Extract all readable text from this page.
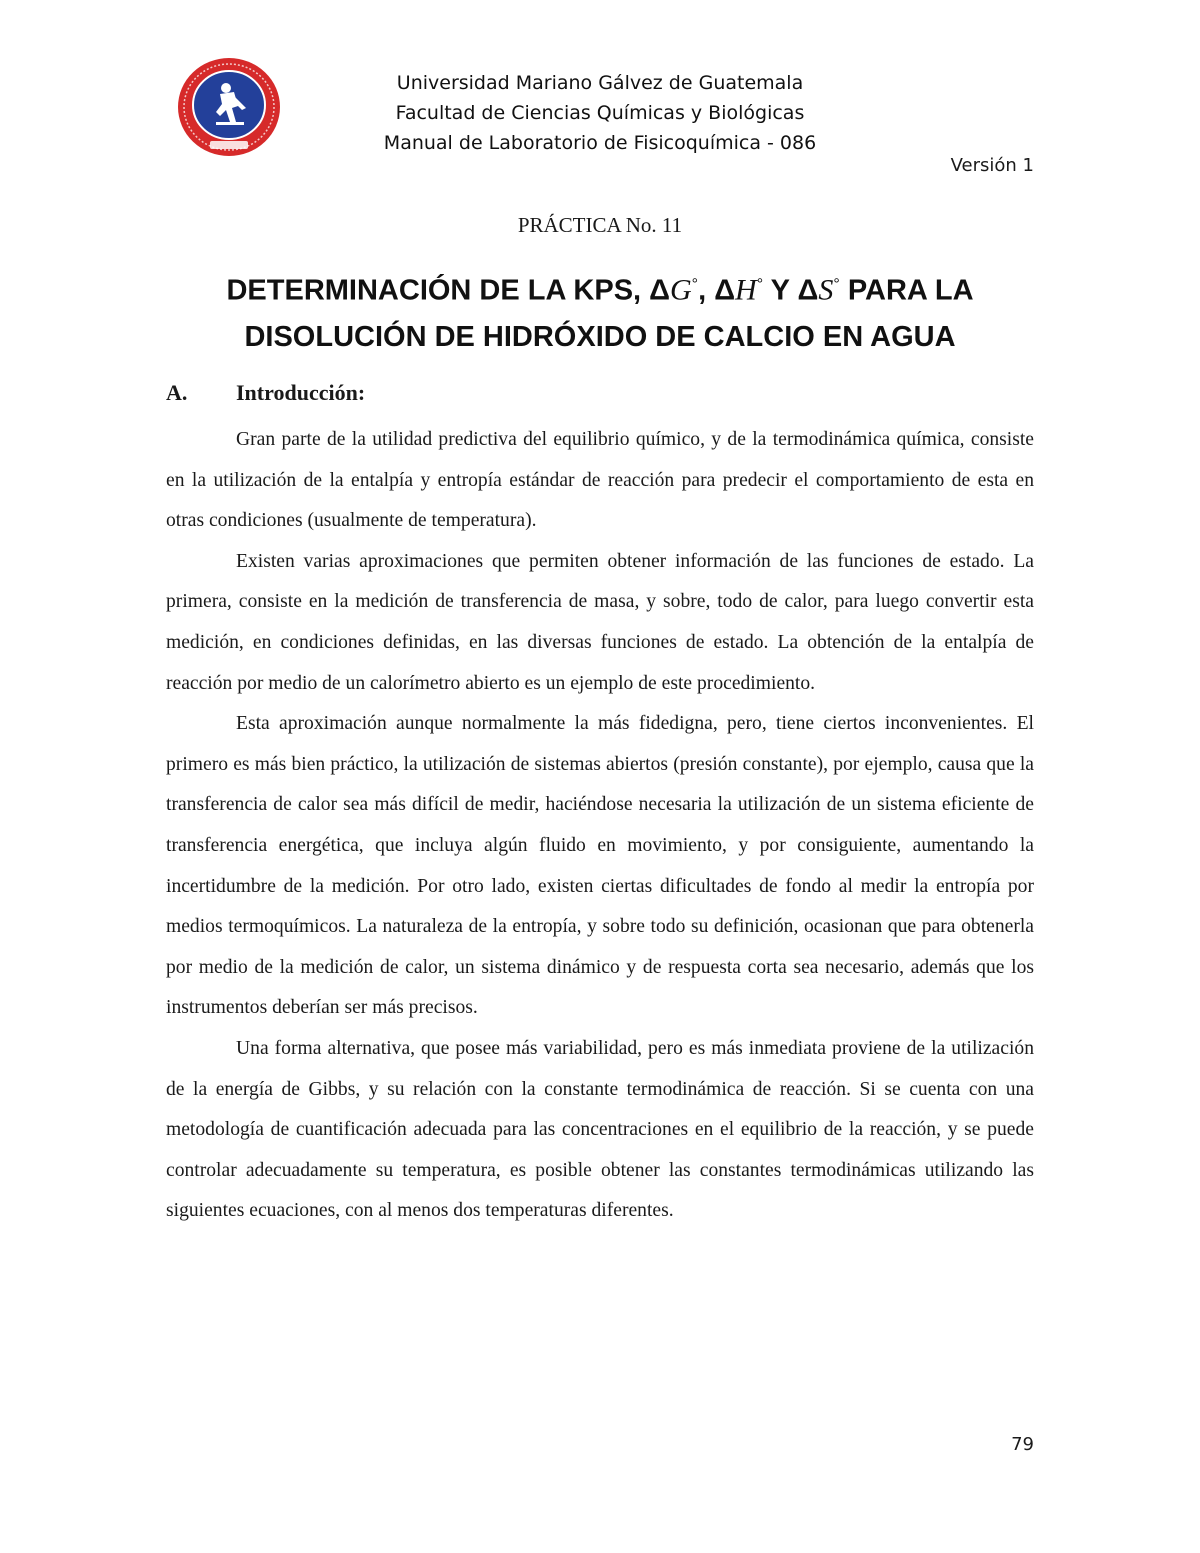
Universidad Mariano Gálvez de Guatemala
Facultad de Ciencias Químicas y Biológicas
Manual de Laboratorio de Fisicoquímica - 086
Versión 1
PRÁCTICA No. 11
DETERMINACIÓN DE LA KPS, ΔG°, ΔH° Y ΔS° PARA LA
DISOLUCIÓN DE HIDRÓXIDO DE CALCIO EN AGUA
A. Introducción:

Gran parte de la utilidad predictiva del equilibrio químico, y de la termodinámica química, consiste en la utilización de la entalpía y entropía estándar de reacción para predecir el comportamiento de esta en otras condiciones (usualmente de temperatura).

Existen varias aproximaciones que permiten obtener información de las funciones de estado. La primera, consiste en la medición de transferencia de masa, y sobre, todo de calor, para luego convertir esta medición, en condiciones definidas, en las diversas funciones de estado. La obtención de la entalpía de reacción por medio de un calorímetro abierto es un ejemplo de este procedimiento.

Esta aproximación aunque normalmente la más fidedigna, pero, tiene ciertos inconvenientes. El primero es más bien práctico, la utilización de sistemas abiertos (presión constante), por ejemplo, causa que la transferencia de calor sea más difícil de medir, haciéndose necesaria la utilización de un sistema eficiente de transferencia energética, que incluya algún fluido en movimiento, y por consiguiente, aumentando la incertidumbre de la medición. Por otro lado, existen ciertas dificultades de fondo al medir la entropía por medios termoquímicos. La naturaleza de la entropía, y sobre todo su definición, ocasionan que para obtenerla por medio de la medición de calor, un sistema dinámico y de respuesta corta sea necesario, además que los instrumentos deberían ser más precisos.

Una forma alternativa, que posee más variabilidad, pero es más inmediata proviene de la utilización de la energía de Gibbs, y su relación con la constante termodinámica de reacción. Si se cuenta con una metodología de cuantificación adecuada para las concentraciones en el equilibrio de la reacción, y se puede controlar adecuadamente su temperatura, es posible obtener las constantes termodinámicas utilizando las siguientes ecuaciones, con al menos dos temperaturas diferentes.

79
